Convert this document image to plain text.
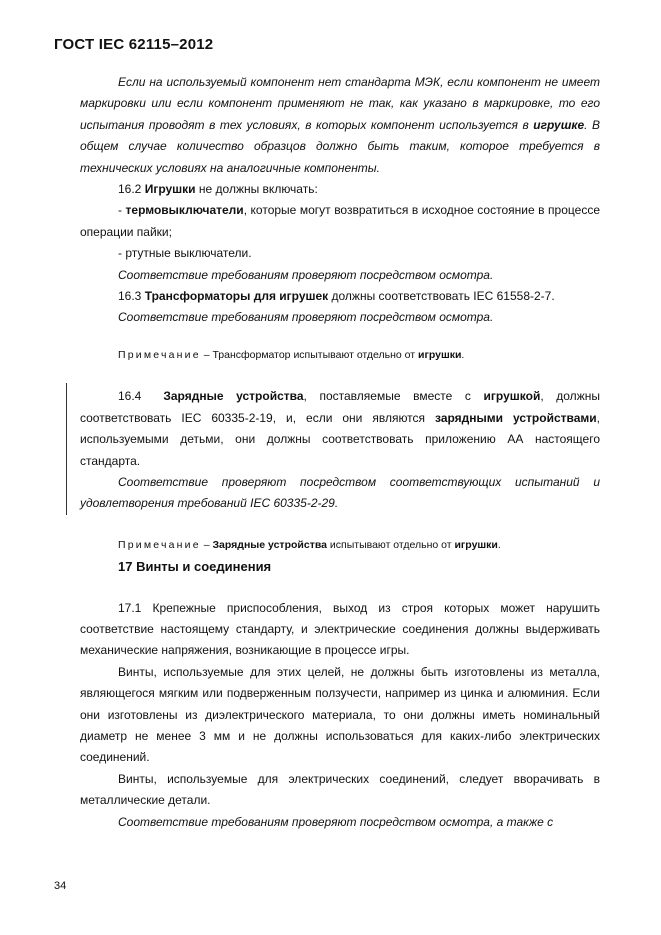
ГОСТ IEC 62115–2012

Если на используемый компонент нет стандарта МЭК, если компонент не имеет маркировки или если компонент применяют не так, как указано в маркировке, то его испытания проводят в тех условиях, в которых компонент используется в игрушке. В общем случае количество образцов должно быть таким, которое требуется в технических условиях на аналогичные компоненты.

16.2 Игрушки не должны включать:

- термовыключатели, которые могут возвратиться в исходное состояние в процессе операции пайки;

- ртутные выключатели.

Соответствие требованиям проверяют посредством осмотра.

16.3 Трансформаторы для игрушек должны соответствовать IEC 61558-2-7.

Соответствие требованиям проверяют посредством осмотра.

Примечание – Трансформатор испытывают отдельно от игрушки.

16.4 Зарядные устройства, поставляемые вместе с игрушкой, должны соответствовать IEC 60335-2-19, и, если они являются зарядными устройствами, используемыми детьми, они должны соответствовать приложению АА настоящего стандарта.

Соответствие проверяют посредством соответствующих испытаний и удовлетворения требований IEC 60335-2-29.

Примечание – Зарядные устройства испытывают отдельно от игрушки.

17 Винты и соединения

17.1 Крепежные приспособления, выход из строя которых может нарушить соответствие настоящему стандарту, и электрические соединения должны выдерживать механические напряжения, возникающие в процессе игры.

Винты, используемые для этих целей, не должны быть изготовлены из металла, являющегося мягким или подверженным ползучести, например из цинка и алюминия. Если они изготовлены из диэлектрического материала, то они должны иметь номинальный диаметр не менее 3 мм и не должны использоваться для каких-либо электрических соединений.

Винты, используемые для электрических соединений, следует вворачивать в металлические детали.

Соответствие требованиям проверяют посредством осмотра, а также с

34
